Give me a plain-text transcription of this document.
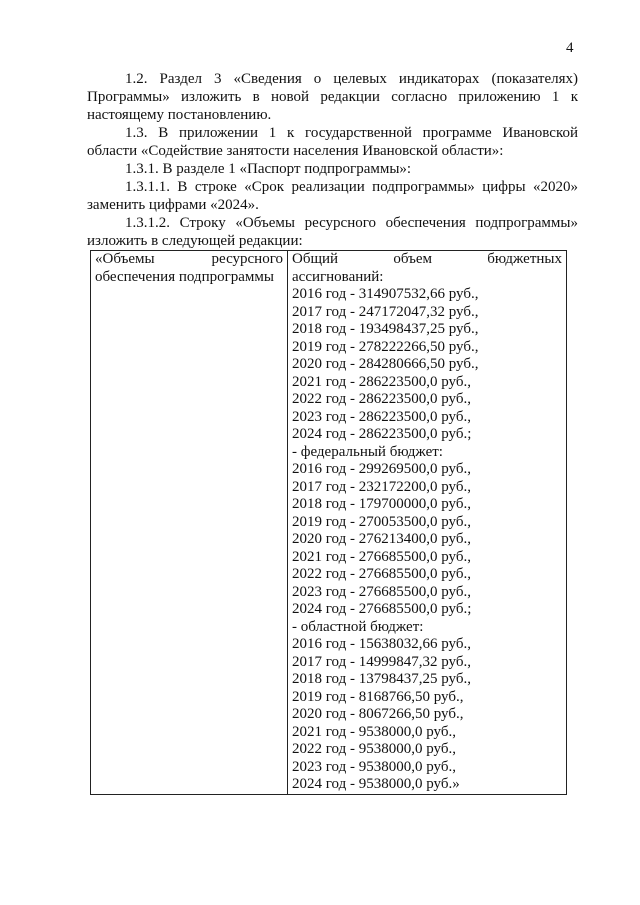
4

1.2. Раздел 3 «Сведения о целевых индикаторах (показателях) Программы» изложить в новой редакции согласно приложению 1 к настоящему постановлению.

1.3. В приложении 1 к государственной программе Ивановской области «Содействие занятости населения Ивановской области»:

1.3.1. В разделе 1 «Паспорт подпрограммы»:

1.3.1.1. В строке «Срок реализации подпрограммы» цифры «2020» заменить цифрами «2024».

1.3.1.2. Строку «Объемы ресурсного обеспечения подпрограммы» изложить в следующей редакции:

«Объемы	ресурсного
обеспечения подпрограммы

Общий	объем	бюджетных
ассигнований:
2016 год - 314907532,66 руб.,
2017 год - 247172047,32 руб.,
2018 год - 193498437,25 руб.,
2019 год - 278222266,50 руб.,
2020 год - 284280666,50 руб.,
2021 год - 286223500,0 руб.,
2022 год - 286223500,0 руб.,
2023 год - 286223500,0 руб.,
2024 год - 286223500,0 руб.;
- федеральный бюджет:
2016 год - 299269500,0 руб.,
2017 год - 232172200,0 руб.,
2018 год - 179700000,0 руб.,
2019 год - 270053500,0 руб.,
2020 год - 276213400,0 руб.,
2021 год - 276685500,0 руб.,
2022 год - 276685500,0 руб.,
2023 год - 276685500,0 руб.,
2024 год - 276685500,0 руб.;
- областной бюджет:
2016 год - 15638032,66 руб.,
2017 год - 14999847,32 руб.,
2018 год - 13798437,25 руб.,
2019 год - 8168766,50 руб.,
2020 год - 8067266,50 руб.,
2021 год - 9538000,0 руб.,
2022 год - 9538000,0 руб.,
2023 год - 9538000,0 руб.,
2024 год - 9538000,0 руб.»
